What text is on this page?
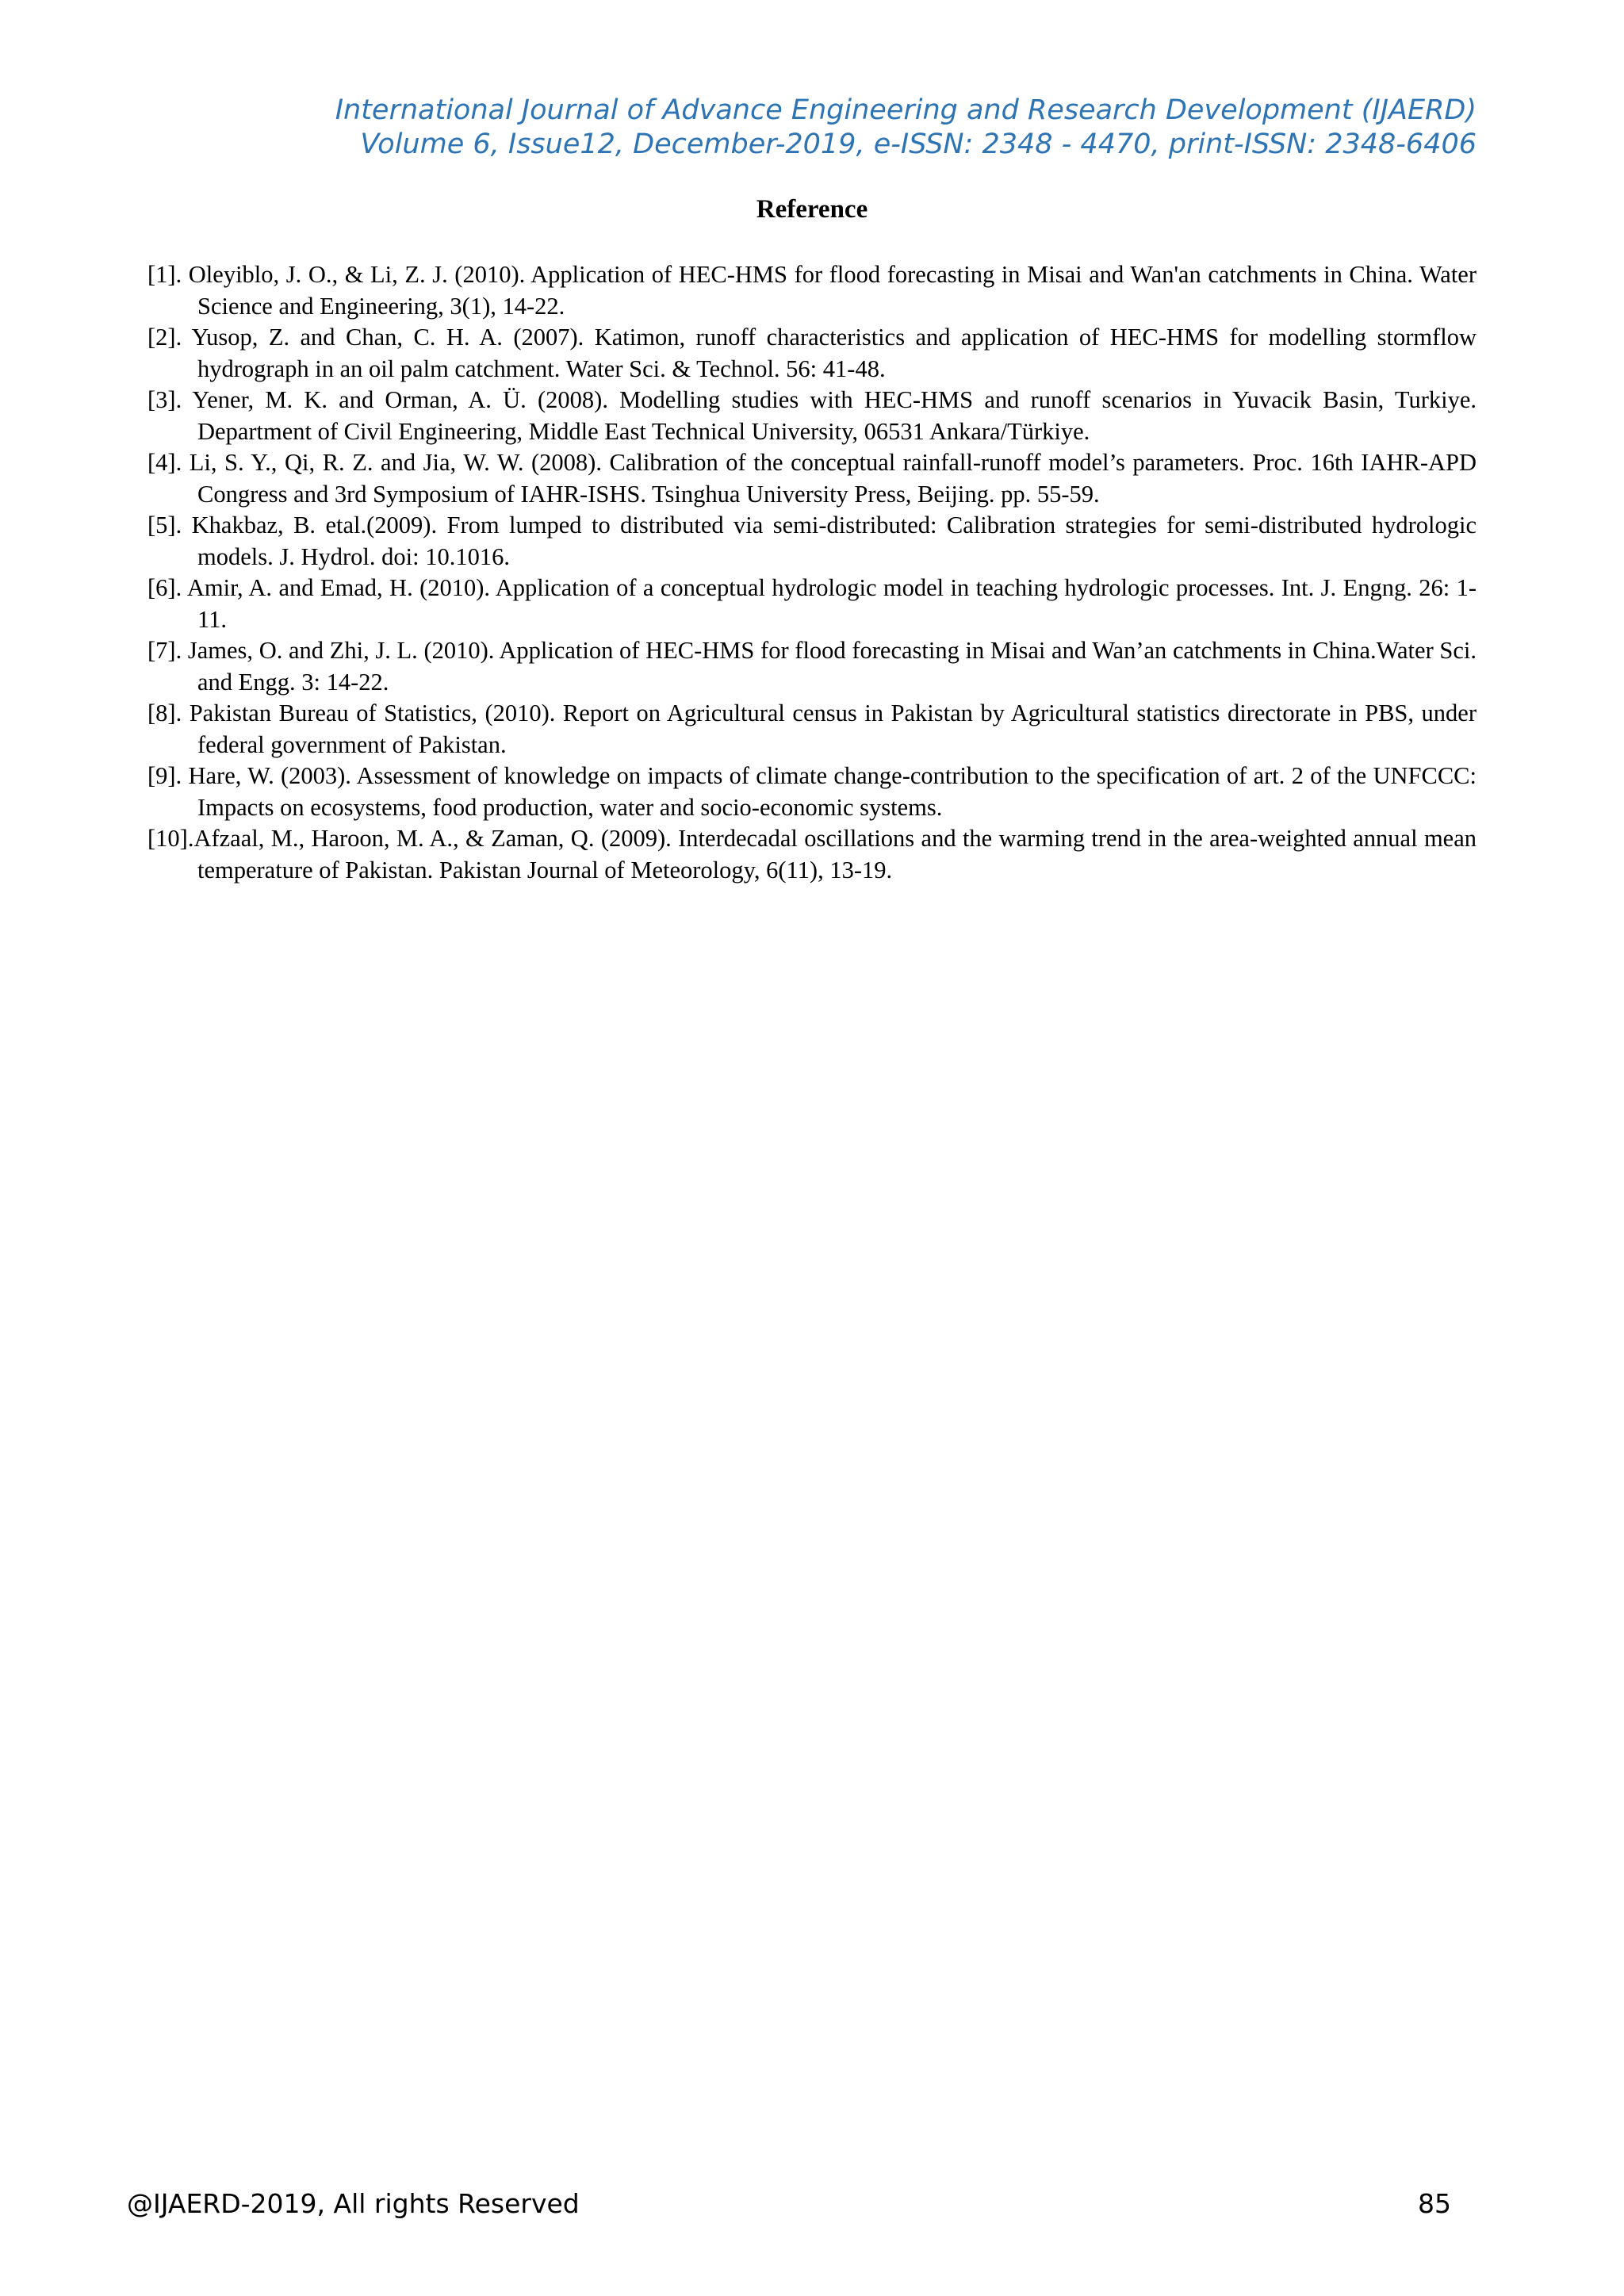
International Journal of Advance Engineering and Research Development (IJAERD)
Volume 6, Issue12, December-2019, e-ISSN: 2348 - 4470, print-ISSN: 2348-6406
Reference
[1]. Oleyiblo, J. O., & Li, Z. J. (2010). Application of HEC-HMS for flood forecasting in Misai and Wan'an catchments in China. Water Science and Engineering, 3(1), 14-22.
[2]. Yusop, Z. and Chan, C. H. A. (2007). Katimon, runoff characteristics and application of HEC-HMS for modelling stormflow hydrograph in an oil palm catchment. Water Sci. & Technol. 56: 41-48.
[3]. Yener, M. K. and Orman, A. Ü. (2008). Modelling studies with HEC-HMS and runoff scenarios in Yuvacik Basin, Turkiye. Department of Civil Engineering, Middle East Technical University, 06531 Ankara/Türkiye.
[4]. Li, S. Y., Qi, R. Z. and Jia, W. W. (2008). Calibration of the conceptual rainfall-runoff model’s parameters. Proc. 16th IAHR-APD Congress and 3rd Symposium of IAHR-ISHS. Tsinghua University Press, Beijing. pp. 55-59.
[5]. Khakbaz, B. etal.(2009). From lumped to distributed via semi-distributed: Calibration strategies for semi-distributed hydrologic models. J. Hydrol. doi: 10.1016.
[6]. Amir, A. and Emad, H. (2010). Application of a conceptual hydrologic model in teaching hydrologic processes. Int. J. Engng. 26: 1-11.
[7]. James, O. and Zhi, J. L. (2010). Application of HEC-HMS for flood forecasting in Misai and Wan’an catchments in China.Water Sci. and Engg. 3: 14-22.
[8]. Pakistan Bureau of Statistics, (2010). Report on Agricultural census in Pakistan by Agricultural statistics directorate in PBS, under federal government of Pakistan.
[9]. Hare, W. (2003). Assessment of knowledge on impacts of climate change-contribution to the specification of art. 2 of the UNFCCC: Impacts on ecosystems, food production, water and socio-economic systems.
[10].Afzaal, M., Haroon, M. A., & Zaman, Q. (2009). Interdecadal oscillations and the warming trend in the area-weighted annual mean temperature of Pakistan. Pakistan Journal of Meteorology, 6(11), 13-19.
@IJAERD-2019, All rights Reserved	85
